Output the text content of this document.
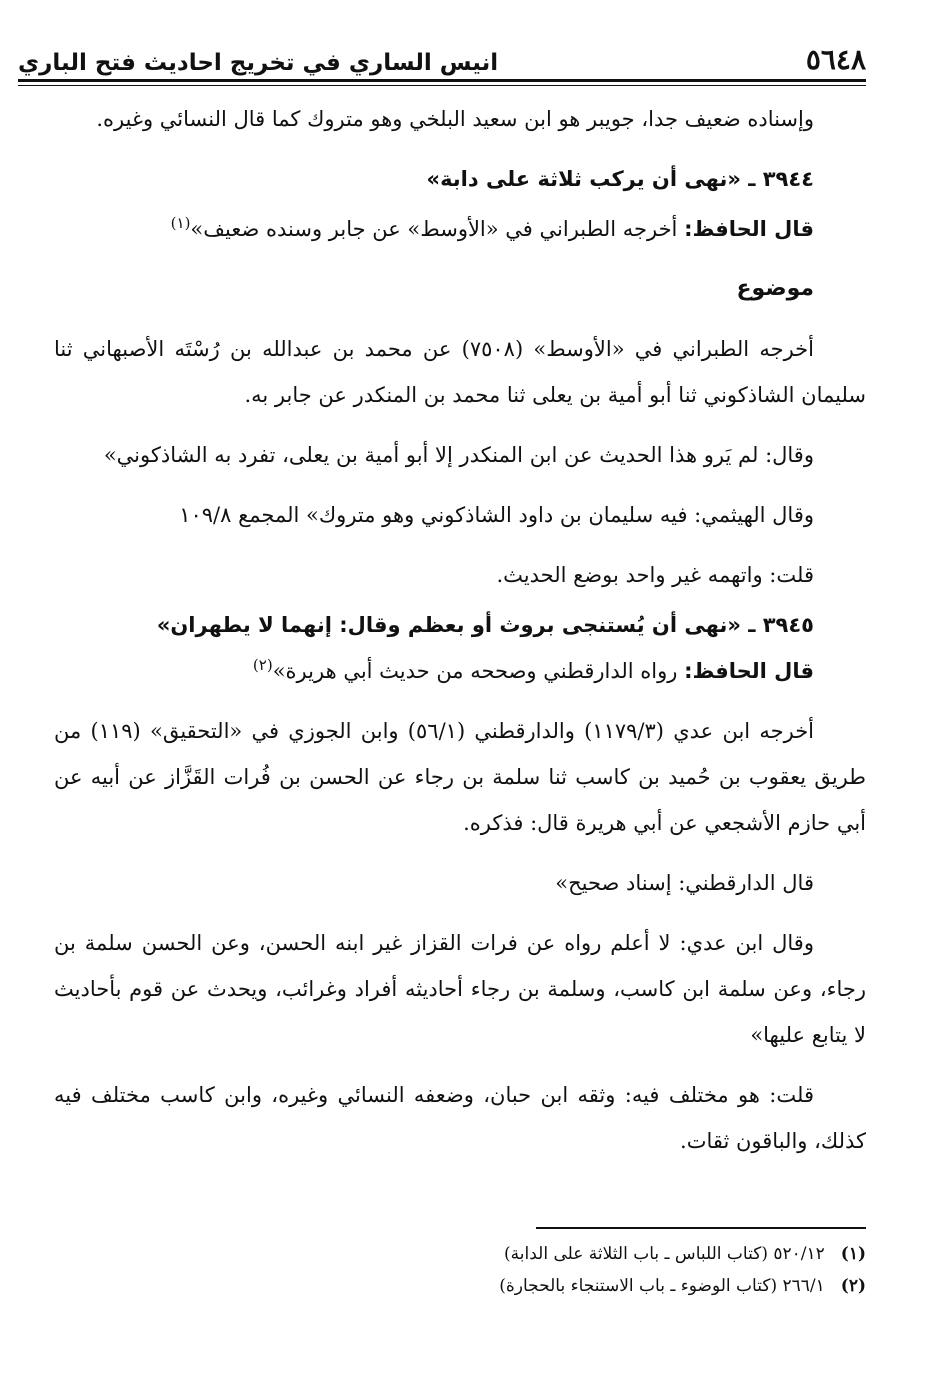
٥٦٤٨
انيس الساري في تخريج احاديث فتح الباري

وإسناده ضعيف جدا، جويبر هو ابن سعيد البلخي وهو متروك كما قال النسائي وغيره.

٣٩٤٤ ـ «نهى أن يركب ثلاثة على دابة»

قال الحافظ: أخرجه الطبراني في «الأوسط» عن جابر وسنده ضعيف»$^{(١)}$

موضوع

أخرجه الطبراني في «الأوسط» (٧٥٠٨) عن محمد بن عبدالله بن رُسْتَه الأصبهاني ثنا سليمان الشاذكوني ثنا أبو أمية بن يعلى ثنا محمد بن المنكدر عن جابر به.

وقال: لم يَرو هذا الحديث عن ابن المنكدر إلا أبو أمية بن يعلى، تفرد به الشاذكوني»

وقال الهيثمي: فيه سليمان بن داود الشاذكوني وهو متروك» المجمع ١٠٩/٨

قلت: واتهمه غير واحد بوضع الحديث.

٣٩٤٥ ـ «نهى أن يُستنجى بروث أو بعظم وقال: إنهما لا يطهران»

قال الحافظ: رواه الدارقطني وصححه من حديث أبي هريرة»$^{(٢)}$

أخرجه ابن عدي (١١٧٩/٣) والدارقطني (٥٦/١) وابن الجوزي في «التحقيق» (١١٩) من طريق يعقوب بن حُميد بن كاسب ثنا سلمة بن رجاء عن الحسن بن فُرات القَزَّاز عن أبيه عن أبي حازم الأشجعي عن أبي هريرة قال: فذكره.

قال الدارقطني: إسناد صحيح»

وقال ابن عدي: لا أعلم رواه عن فرات القزاز غير ابنه الحسن، وعن الحسن سلمة بن رجاء، وعن سلمة ابن كاسب، وسلمة بن رجاء أحاديثه أفراد وغرائب، ويحدث عن قوم بأحاديث لا يتابع عليها»

قلت: هو مختلف فيه: وثقه ابن حبان، وضعفه النسائي وغيره، وابن كاسب مختلف فيه كذلك، والباقون ثقات.

(١)
٥٢٠/١٢ (كتاب اللباس ـ باب الثلاثة على الدابة)
(٢)
٢٦٦/١ (كتاب الوضوء ـ باب الاستنجاء بالحجارة)
